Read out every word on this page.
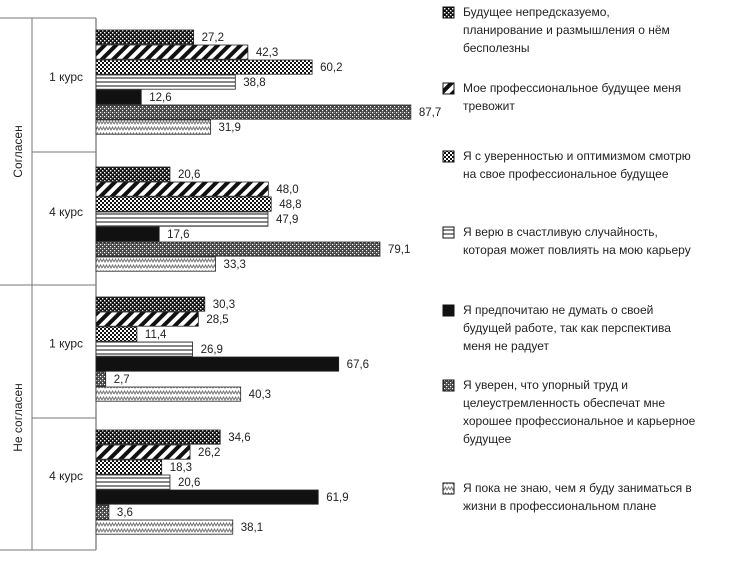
Согласен
Не согласен
1 курс
4 курс
1 курс
4 курс
27,2
42,3
60,2
38,8
12,6
87,7
31,9
20,6
48,0
48,8
47,9
17,6
79,1
33,3
30,3
28,5
11,4
26,9
67,6
2,7
40,3
34,6
26,2
18,3
20,6
61,9
3,6
38,1
Будущее непредсказуемо,
планирование и размышления о нём
бесполезны
Мое профессиональное будущее меня
тревожит
Я с уверенностью и оптимизмом смотрю
на свое профессиональное будущее
Я верю в счастливую случайность,
которая может повлиять на мою карьеру
Я предпочитаю не думать о своей
будущей работе, так как перспектива
меня не радует
Я уверен, что упорный труд и
целеустремленность обеспечат мне
хорошее профессиональное и карьерное
будущее
Я пока не знаю, чем я буду заниматься в
жизни в профессиональном плане
